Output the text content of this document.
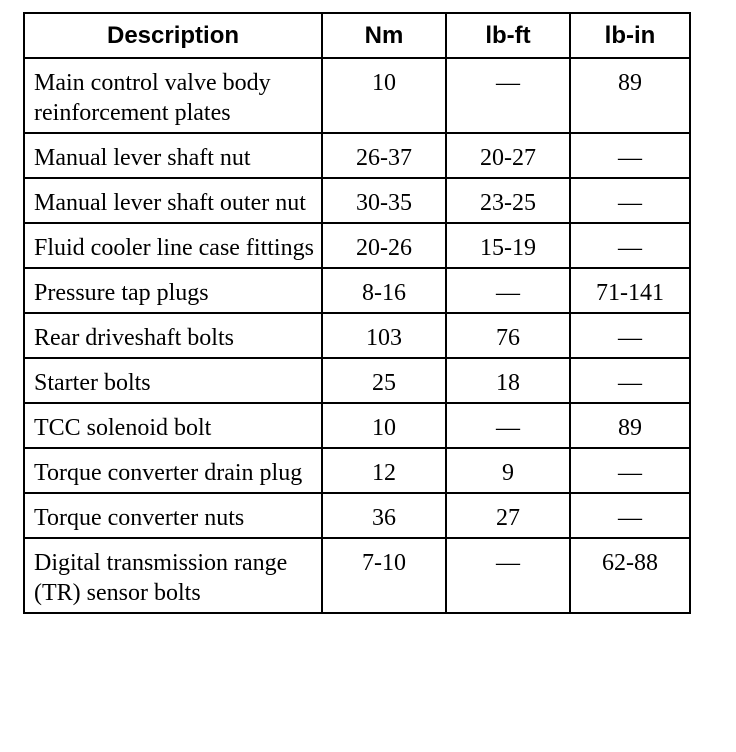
Description	Nm	lb-ft	lb-in
Main control valve body reinforcement plates	10	—	89
Manual lever shaft nut	26-37	20-27	—
Manual lever shaft outer nut	30-35	23-25	—
Fluid cooler line case fittings	20-26	15-19	—
Pressure tap plugs	8-16	—	71-141
Rear driveshaft bolts	103	76	—
Starter bolts	25	18	—
TCC solenoid bolt	10	—	89
Torque converter drain plug	12	9	—
Torque converter nuts	36	27	—
Digital transmission range (TR) sensor bolts	7-10	—	62-88
